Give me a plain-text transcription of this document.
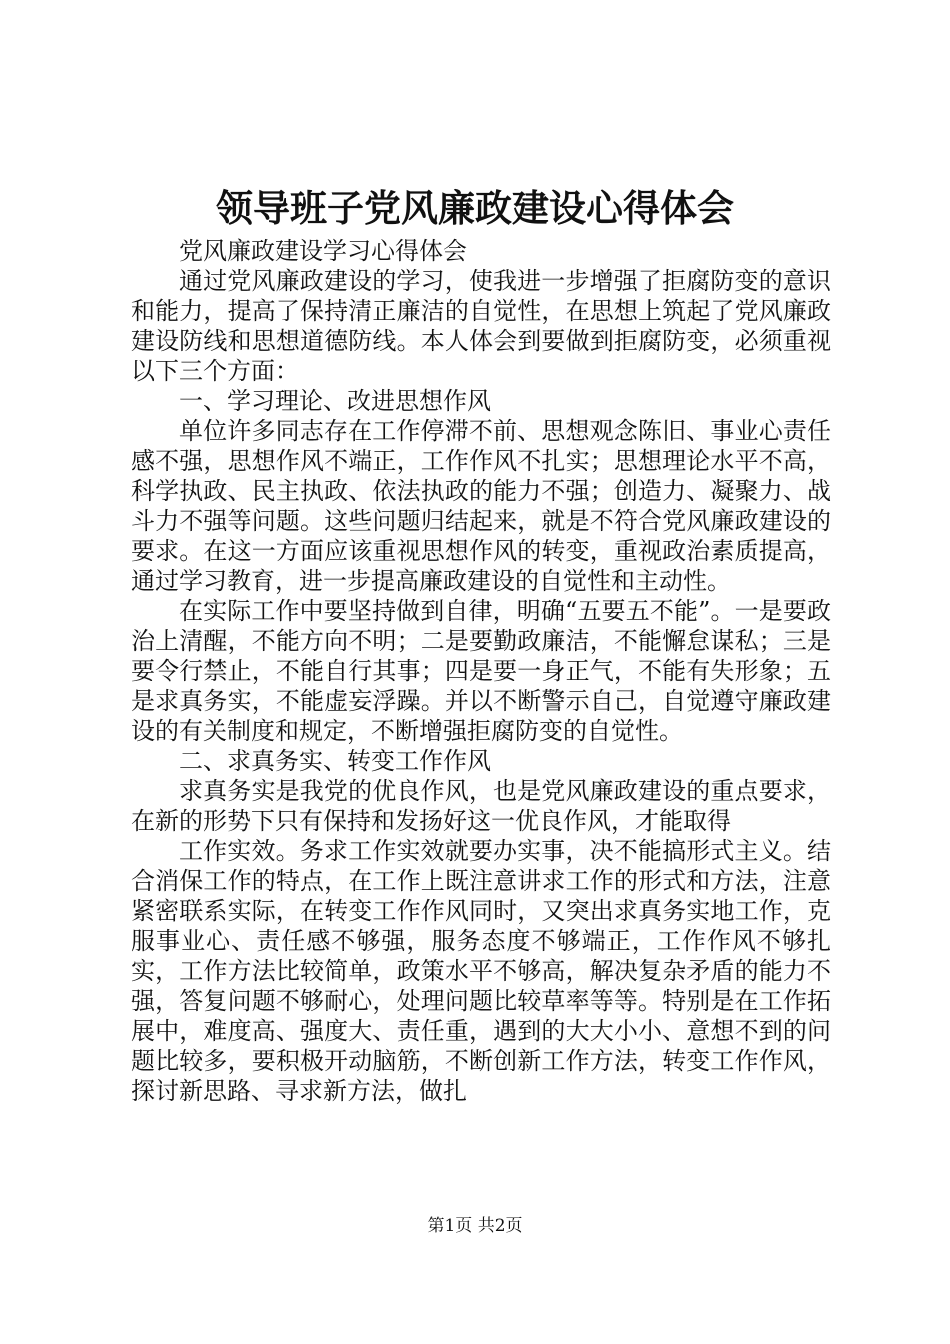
领导班子党风廉政建设心得体会

党风廉政建设学习心得体会

通过党风廉政建设的学习，使我进一步增强了拒腐防变的意识和能力，提高了保持清正廉洁的自觉性，在思想上筑起了党风廉政建设防线和思想道德防线。本人体会到要做到拒腐防变，必须重视以下三个方面：

一、学习理论、改进思想作风

单位许多同志存在工作停滞不前、思想观念陈旧、事业心责任感不强，思想作风不端正，工作作风不扎实；思想理论水平不高，科学执政、民主执政、依法执政的能力不强；创造力、凝聚力、战斗力不强等问题。这些问题归结起来，就是不符合党风廉政建设的要求。在这一方面应该重视思想作风的转变，重视政治素质提高，通过学习教育，进一步提高廉政建设的自觉性和主动性。

在实际工作中要坚持做到自律，明确“五要五不能”。一是要政治上清醒，不能方向不明；二是要勤政廉洁，不能懈怠谋私；三是要令行禁止，不能自行其事；四是要一身正气，不能有失形象；五是求真务实，不能虚妄浮躁。并以不断警示自己，自觉遵守廉政建设的有关制度和规定，不断增强拒腐防变的自觉性。

二、求真务实、转变工作作风

求真务实是我党的优良作风，也是党风廉政建设的重点要求，在新的形势下只有保持和发扬好这一优良作风，才能取得

工作实效。务求工作实效就要办实事，决不能搞形式主义。结合消保工作的特点，在工作上既注意讲求工作的形式和方法，注意紧密联系实际，在转变工作作风同时，又突出求真务实地工作，克服事业心、责任感不够强，服务态度不够端正，工作作风不够扎实，工作方法比较简单，政策水平不够高，解决复杂矛盾的能力不强，答复问题不够耐心，处理问题比较草率等等。特别是在工作拓展中，难度高、强度大、责任重，遇到的大大小小、意想不到的问题比较多，要积极开动脑筋，不断创新工作方法，转变工作作风，探讨新思路、寻求新方法，做扎

第1页 共2页
